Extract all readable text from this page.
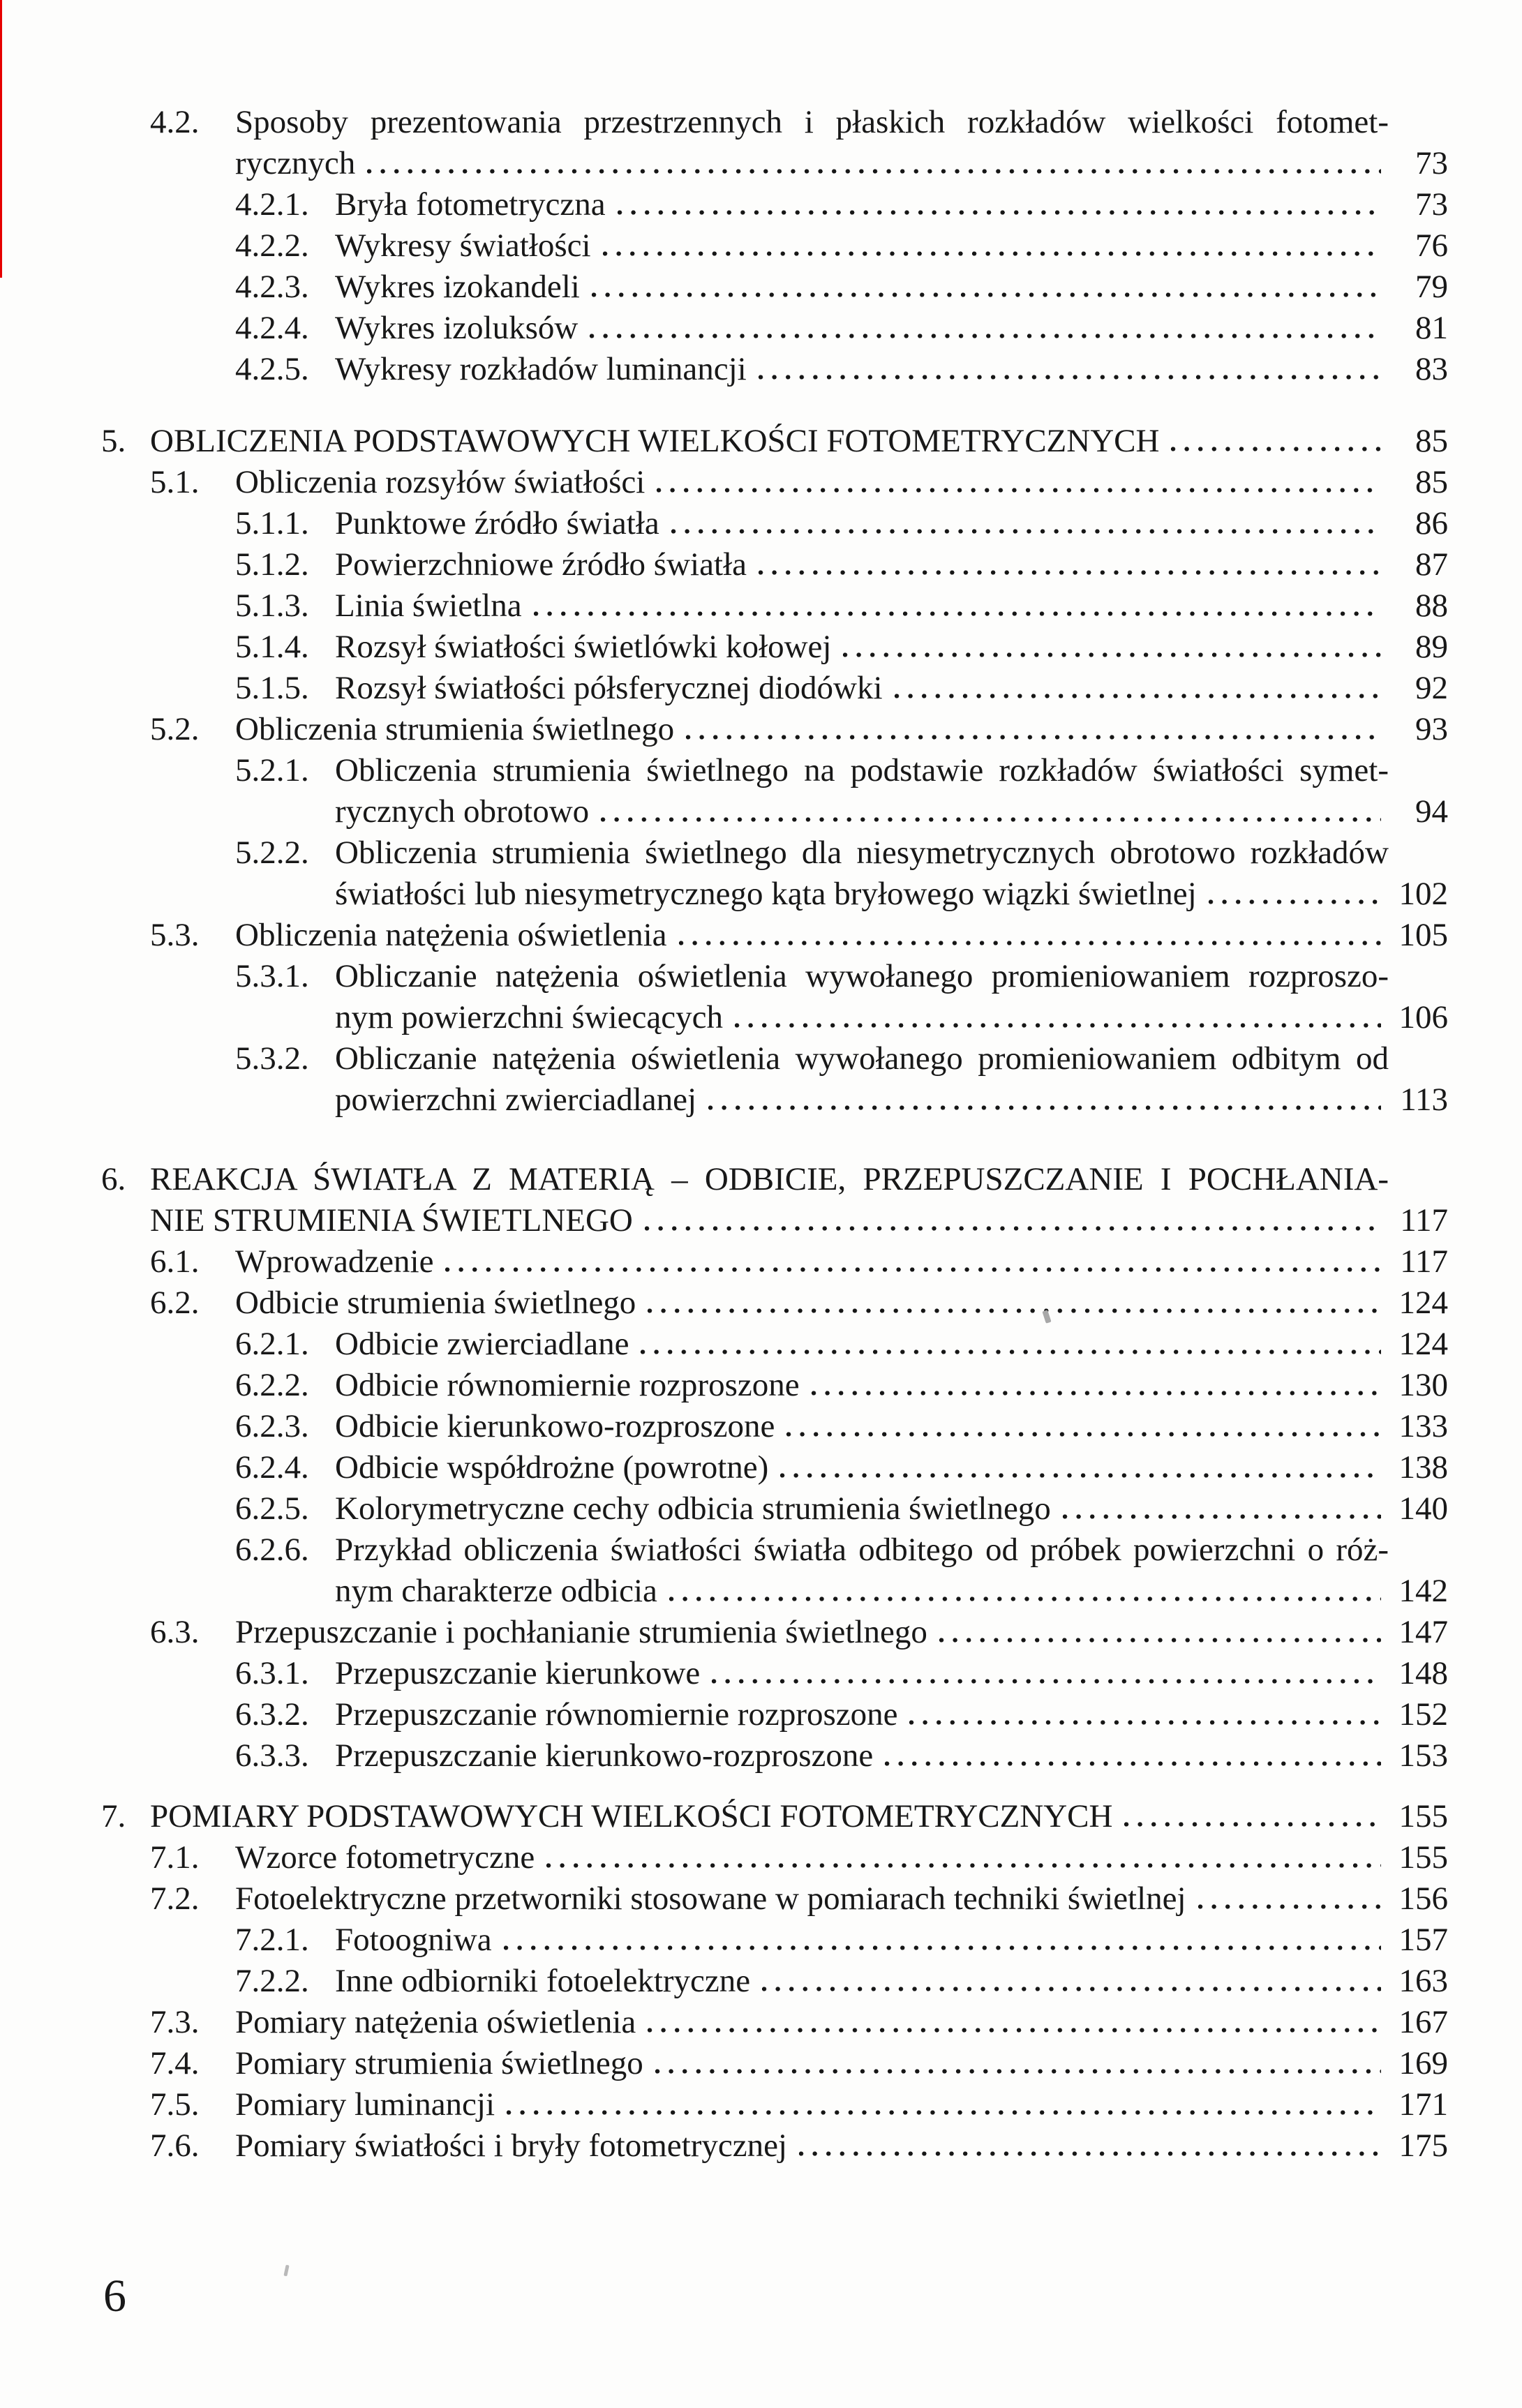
4.2. Sposoby prezentowania przestrzennych i płaskich rozkładów wielkości fotomet-
rycznych	73
4.2.1. Bryła fotometryczna	73
4.2.2. Wykresy światłości	76
4.2.3. Wykres izokandeli	79
4.2.4. Wykres izoluksów	81
4.2.5. Wykresy rozkładów luminancji	83
5. OBLICZENIA PODSTAWOWYCH WIELKOŚCI FOTOMETRYCZNYCH	85
5.1. Obliczenia rozsyłów światłości	85
5.1.1. Punktowe źródło światła	86
5.1.2. Powierzchniowe źródło światła	87
5.1.3. Linia świetlna	88
5.1.4. Rozsył światłości świetlówki kołowej	89
5.1.5. Rozsył światłości półsferycznej diodówki	92
5.2. Obliczenia strumienia świetlnego	93
5.2.1. Obliczenia strumienia świetlnego na podstawie rozkładów światłości symet-
rycznych obrotowo	94
5.2.2. Obliczenia strumienia świetlnego dla niesymetrycznych obrotowo rozkładów
światłości lub niesymetrycznego kąta bryłowego wiązki świetlnej	102
5.3. Obliczenia natężenia oświetlenia	105
5.3.1. Obliczanie natężenia oświetlenia wywołanego promieniowaniem rozproszo-
nym powierzchni świecących	106
5.3.2. Obliczanie natężenia oświetlenia wywołanego promieniowaniem odbitym od
powierzchni zwierciadlanej	113
6. REAKCJA ŚWIATŁA Z MATERIĄ – ODBICIE, PRZEPUSZCZANIE I POCHŁANIA-
NIE STRUMIENIA ŚWIETLNEGO	117
6.1. Wprowadzenie	117
6.2. Odbicie strumienia świetlnego	124
6.2.1. Odbicie zwierciadlane	124
6.2.2. Odbicie równomiernie rozproszone	130
6.2.3. Odbicie kierunkowo-rozproszone	133
6.2.4. Odbicie współdrożne (powrotne)	138
6.2.5. Kolorymetryczne cechy odbicia strumienia świetlnego	140
6.2.6. Przykład obliczenia światłości światła odbitego od próbek powierzchni o róż-
nym charakterze odbicia	142
6.3. Przepuszczanie i pochłanianie strumienia świetlnego	147
6.3.1. Przepuszczanie kierunkowe	148
6.3.2. Przepuszczanie równomiernie rozproszone	152
6.3.3. Przepuszczanie kierunkowo-rozproszone	153
7. POMIARY PODSTAWOWYCH WIELKOŚCI FOTOMETRYCZNYCH	155
7.1. Wzorce fotometryczne	155
7.2. Fotoelektryczne przetworniki stosowane w pomiarach techniki świetlnej	156
7.2.1. Fotoogniwa	157
7.2.2. Inne odbiorniki fotoelektryczne	163
7.3. Pomiary natężenia oświetlenia	167
7.4. Pomiary strumienia świetlnego	169
7.5. Pomiary luminancji	171
7.6. Pomiary światłości i bryły fotometrycznej	175
6
